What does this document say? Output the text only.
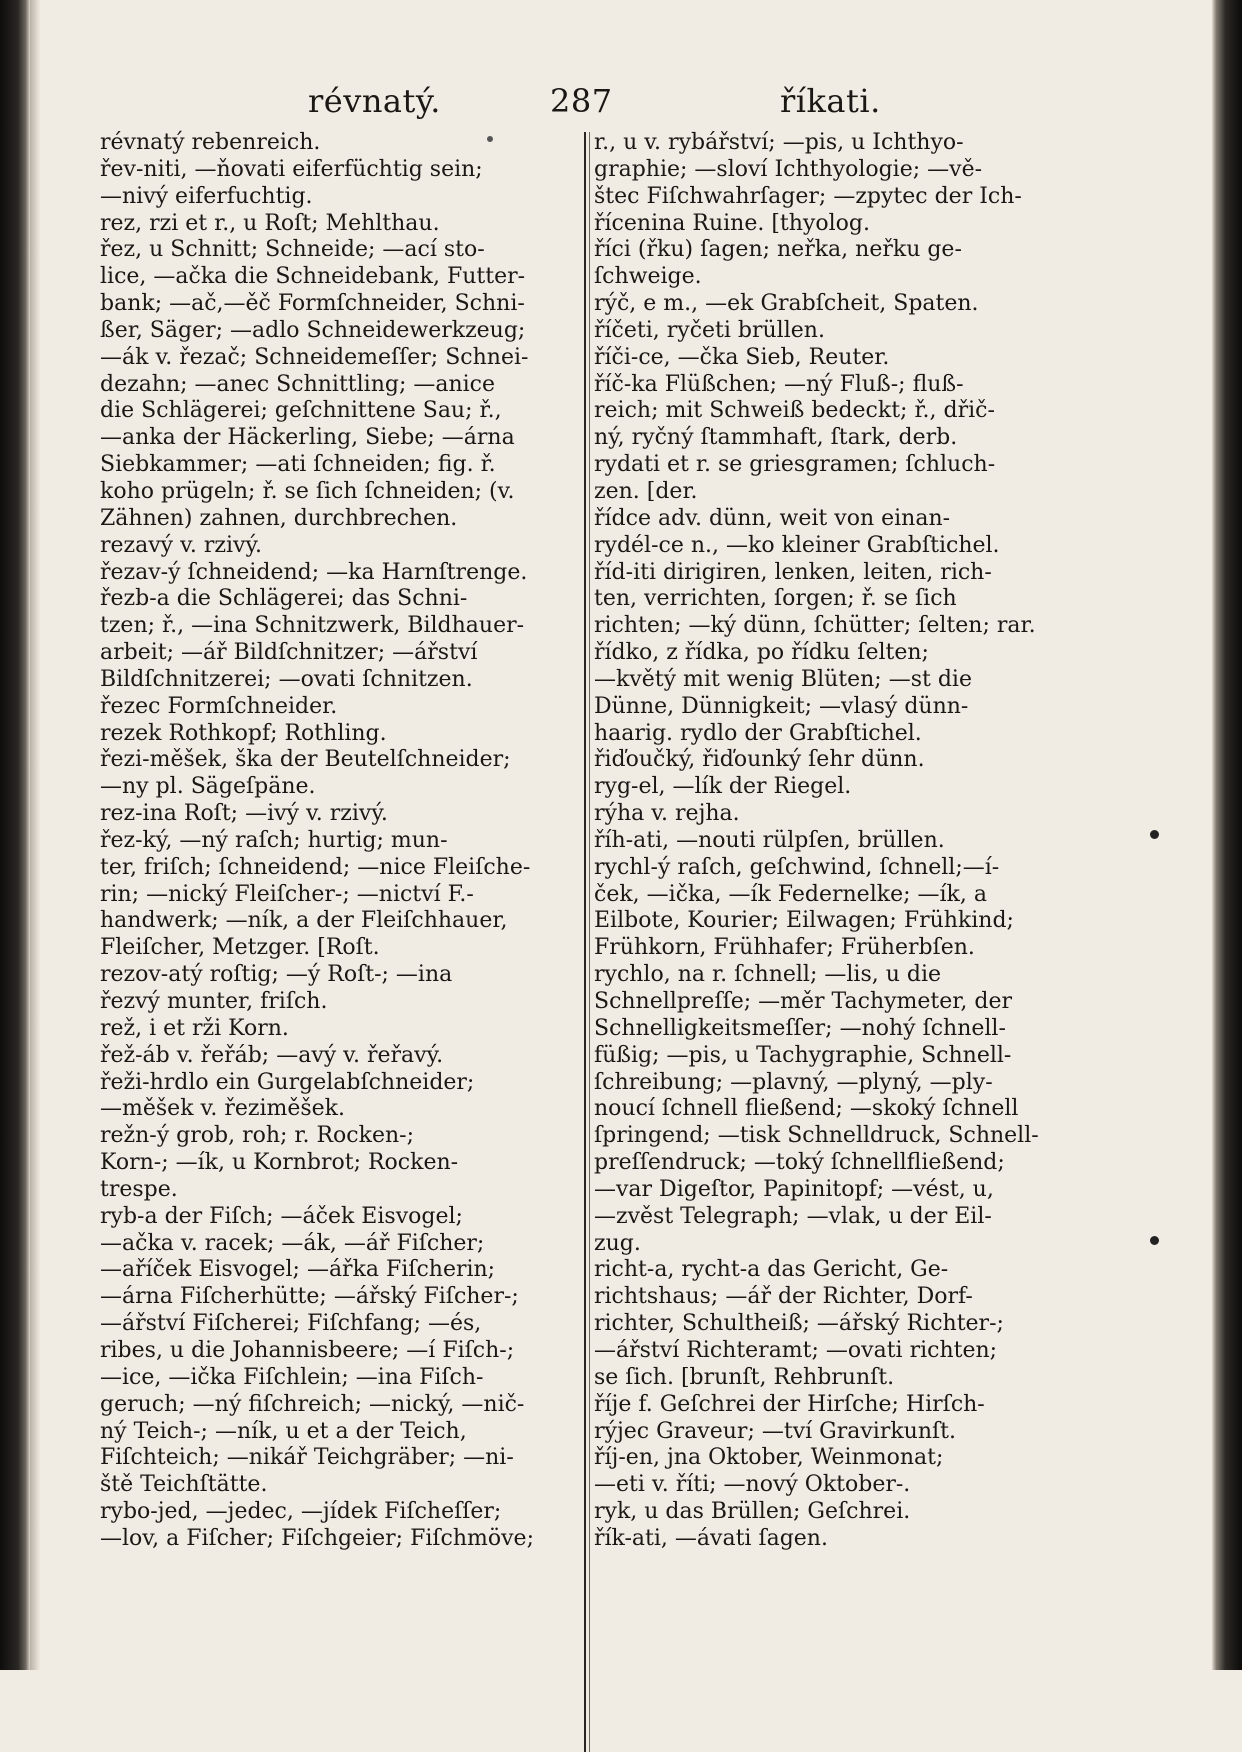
révnatý.	287	říkati.
révnatý rebenreich.
řev-niti, —ňovati eiferfüchtig sein;
—nivý eiferfuchtig.
rez, rzi et r., u Roſt; Mehlthau.
řez, u Schnitt; Schneide; —ací sto-
lice, —ačka die Schneidebank, Futter-
bank; —ač,—ěč Formſchneider, Schni-
ßer, Säger; —adlo Schneidewerkzeug;
—ák v. řezač; Schneidemeſſer; Schnei-
dezahn; —anec Schnittling; —anice
die Schlägerei; geſchnittene Sau; ř.,
—anka der Häckerling, Siebe; —árna
Siebkammer; —ati ſchneiden; fig. ř.
koho prügeln; ř. se ſich ſchneiden; (v.
Zähnen) zahnen, durchbrechen.
rezavý v. rzivý.
řezav-ý ſchneidend; —ka Harnſtrenge.
řezb-a die Schlägerei; das Schni-
tzen; ř., —ina Schnitzwerk, Bildhauer-
arbeit; —ář Bildſchnitzer; —ářství
Bildſchnitzerei; —ovati ſchnitzen.
řezec Formſchneider.
rezek Rothkopf; Rothling.
řezi-měšek, ška der Beutelſchneider;
—ny pl. Sägeſpäne.
rez-ina Roſt; —ivý v. rzivý.
řez-ký, —ný raſch; hurtig; mun-
ter, friſch; ſchneidend; —nice Fleiſche-
rin; —nický Fleiſcher-; —nictví F.-
handwerk; —ník, a der Fleiſchhauer,
Fleiſcher, Metzger. [Roſt.
rezov-atý roſtig; —ý Roſt-; —ina
řezvý munter, friſch.
rež, i et rži Korn.
řež-áb v. řeřáb; —avý v. řeřavý.
řeži-hrdlo ein Gurgelabſchneider;
—měšek v. řeziměšek.
režn-ý grob, roh; r. Rocken-;
Korn-; —ík, u Kornbrot; Rocken-
trespe.
ryb-a der Fiſch; —áček Eisvogel;
—ačka v. racek; —ák, —ář Fiſcher;
—aříček Eisvogel; —ářka Fiſcherin;
—árna Fiſcherhütte; —ářský Fiſcher-;
—ářství Fiſcherei; Fiſchfang; —és,
ribes, u die Johannisbeere; —í Fiſch-;
—ice, —ička Fiſchlein; —ina Fiſch-
geruch; —ný fiſchreich; —nický, —nič-
ný Teich-; —ník, u et a der Teich,
Fiſchteich; —nikář Teichgräber; —ni-
ště Teichſtätte.
rybo-jed, —jedec, —jídek Fiſcheſſer;
—lov, a Fiſcher; Fiſchgeier; Fiſchmöve;
r., u v. rybářství; —pis, u Ichthyo-
graphie; —sloví Ichthyologie; —vě-
štec Fiſchwahrſager; —zpytec der Ich-
řícenina Ruine. [thyolog.
říci (řku) ſagen; neřka, neřku ge-
ſchweige.
rýč, e m., —ek Grabſcheit, Spaten.
říčeti, ryčeti brüllen.
říči-ce, —čka Sieb, Reuter.
říč-ka Flüßchen; —ný Fluß-; fluß-
reich; mit Schweiß bedeckt; ř., dřič-
ný, ryčný ſtammhaft, ſtark, derb.
rydati et r. se griesgramen; ſchluch-
zen. [der.
řídce adv. dünn, weit von einan-
rydél-ce n., —ko kleiner Grabſtichel.
říd-iti dirigiren, lenken, leiten, rich-
ten, verrichten, ſorgen; ř. se ſich
richten; —ký dünn, ſchütter; ſelten; rar.
řídko, z řídka, po řídku ſelten;
—květý mit wenig Blüten; —st die
Dünne, Dünnigkeit; —vlasý dünn-
haarig. rydlo der Grabſtichel.
řiďoučký, řiďounký ſehr dünn.
ryg-el, —lík der Riegel.
rýha v. rejha.
říh-ati, —nouti rülpſen, brüllen.
rychl-ý raſch, geſchwind, ſchnell;—í-
ček, —ička, —ík Federnelke; —ík, a
Eilbote, Kourier; Eilwagen; Frühkind;
Frühkorn, Frühhafer; Früherbſen.
rychlo, na r. ſchnell; —lis, u die
Schnellpreſſe; —měr Tachymeter, der
Schnelligkeitsmeſſer; —nohý ſchnell-
füßig; —pis, u Tachygraphie, Schnell-
ſchreibung; —plavný, —plyný, —ply-
noucí ſchnell fließend; —skoký ſchnell
ſpringend; —tisk Schnelldruck, Schnell-
preſſendruck; —toký ſchnellfließend;
—var Digeſtor, Papinitopf; —vést, u,
—zvěst Telegraph; —vlak, u der Eil-
zug.
richt-a, rycht-a das Gericht, Ge-
richtshaus; —ář der Richter, Dorf-
richter, Schultheiß; —ářský Richter-;
—ářství Richteramt; —ovati richten;
se ſich. [brunſt, Rehbrunſt.
říje f. Geſchrei der Hirſche; Hirſch-
rýjec Graveur; —tví Gravirkunſt.
říj-en, jna Oktober, Weinmonat;
—eti v. říti; —nový Oktober-.
ryk, u das Brüllen; Geſchrei.
řík-ati, —ávati ſagen.
